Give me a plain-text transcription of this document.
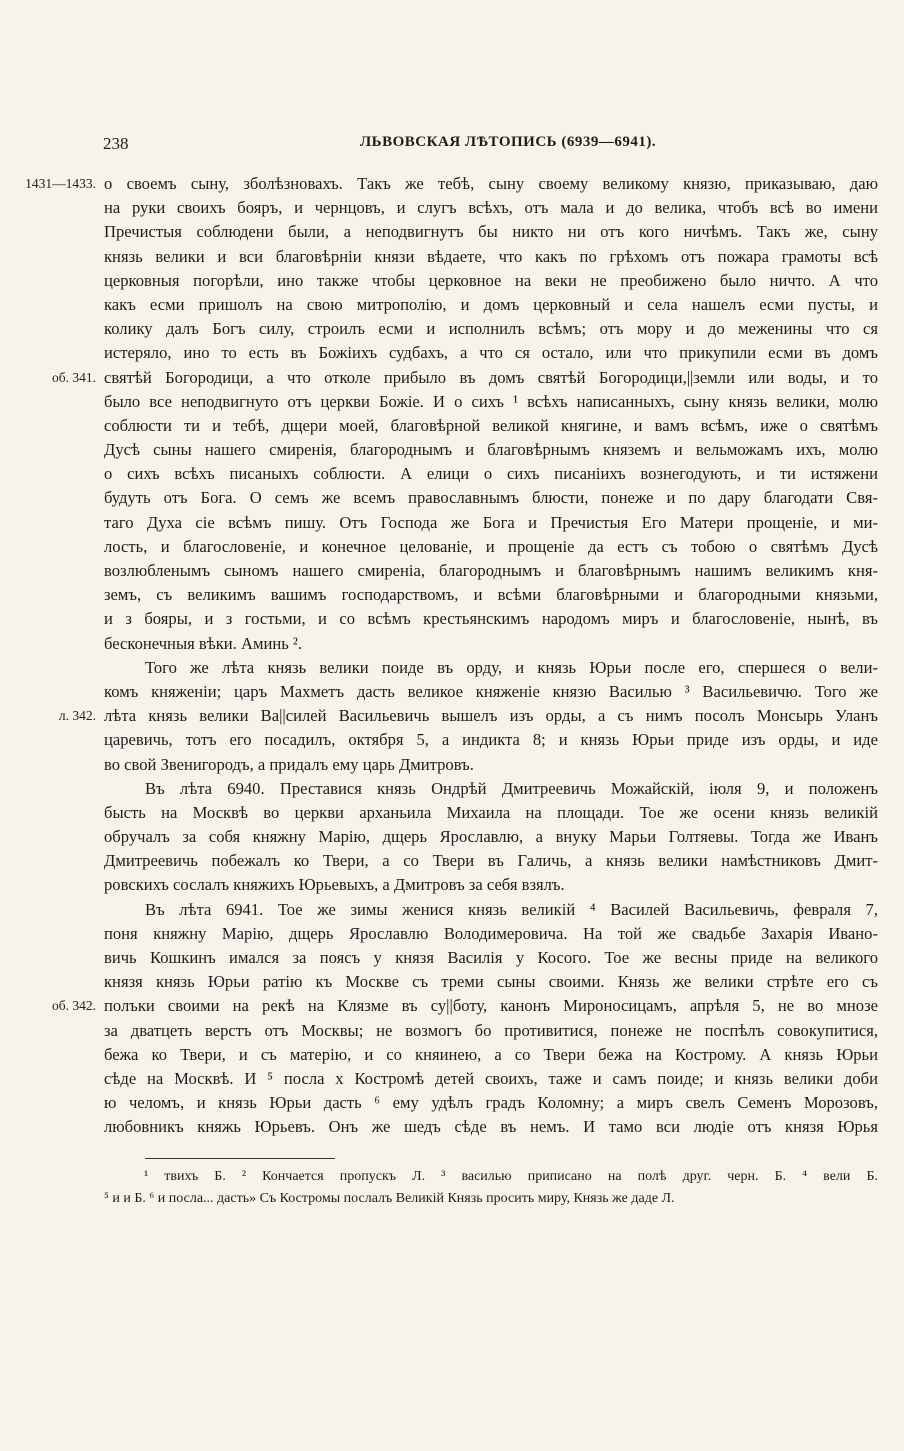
238	ЛЬВОВСКАЯ ЛѢТОПИСЬ (6939—6941).
1431—1433. о своемъ сыну, зболѣзновахъ. Такъ же тебѣ, сыну своему великому князю, приказываю, даю
на руки своихъ бояръ, и чернцовъ, и слугъ всѣхъ, отъ мала и до велика, чтобъ всѣ во имени
Пречистыя соблюдени были, а неподвигнутъ бы никто ни отъ кого ничѣмъ. Такъ же, сыну
князь велики и вси благовѣрніи князи вѣдаете, что какъ по грѣхомъ отъ пожара грамоты всѣ
церковныя погорѣли, ино также чтобы церковное на веки не преобижено было ничто. А что
какъ есми пришолъ на свою митрополію, и домъ церковный и села нашелъ есми пусты, и
колику далъ Богъ силу, строилъ есми и исполнилъ всѣмъ; отъ мору и до меженины что ся
истеряло, ино то есть въ Божіихъ судбахъ, а что ся остало, или что прикупили есми въ домъ
об. 341. святѣй Богородици, а что отколе прибыло въ домъ святѣй Богородици,||земли или воды, и то
было все неподвигнуто отъ церкви Божіе. И о сихъ ¹ всѣхъ написанныхъ, сыну князь велики, молю
соблюсти ти и тебѣ, дщери моей, благовѣрной великой княгине, и вамъ всѣмъ, иже о святѣмъ
Дусѣ сыны нашего смиренія, благороднымъ и благовѣрнымъ княземъ и вельможамъ ихъ, молю
о сихъ всѣхъ писаныхъ соблюсти. А елици о сихъ писаніихъ вознегодують, и ти истяжени
будуть отъ Бога. О семъ же всемъ православнымъ блюсти, понеже и по дару благодати Свя-
таго Духа сіе всѣмъ пишу. Отъ Господа же Бога и Пречистыя Его Матери прощеніе, и ми-
лость, и благословеніе, и конечное целованіе, и прощеніе да естъ съ тобою о святѣмъ Дусѣ
возлюбленымъ сыномъ нашего смиреніа, благороднымъ и благовѣрнымъ нашимъ великимъ кня-
земъ, съ великимъ вашимъ господарствомъ, и всѣми благовѣрными и благородными князьми,
и з бояры, и з гостьми, и со всѣмъ крестьянскимъ народомъ миръ и благословеніе, нынѣ, въ
бесконечныя вѣки. Аминь ².
Того же лѣта князь велики поиде въ орду, и князь Юрьи после его, спершеся о вели-
комъ княженіи; царъ Махметъ дасть великое княженіе князю Василью ³ Васильевичю. Того же
л. 342. лѣта князь велики Ва||силей Васильевичь вышелъ изъ орды, а съ нимъ посолъ Монсырь Уланъ
царевичь, тотъ его посадилъ, октября 5, а индикта 8; и князь Юрьи приде изъ орды, и иде
во свой Звенигородъ, а придалъ ему царь Дмитровъ.
Въ лѣта 6940. Преставися князь Ондрѣй Дмитреевичь Можайскій, іюля 9, и положенъ
бысть на Москвѣ во церкви арханьила Михаила на площади. Тое же осени князь великій
обручалъ за собя княжну Марію, дщерь Ярославлю, а внуку Марьи Голтяевы. Тогда же Иванъ
Дмитреевичь побежалъ ко Твери, а со Твери въ Галичь, а князь велики намѣстниковъ Дмит-
ровскихъ сослалъ княжихъ Юрьевыхъ, а Дмитровъ за себя взялъ.
Въ лѣта 6941. Тое же зимы женися князь великій ⁴ Василей Васильевичь, февраля 7,
поня княжну Марію, дщерь Ярославлю Володимеровича. На той же свадьбе Захарія Ивано-
вичь Кошкинъ имался за поясъ у князя Василія у Косого. Тое же весны приде на великого
князя князь Юрьи ратію къ Москве съ треми сыны своими. Князь же велики стрѣте его съ
об. 342. полъки своими на рекѣ на Клязме въ су||боту, канонъ Мироносицамъ, апрѣля 5, не во мнозе
за дватцеть верстъ отъ Москвы; не возмогъ бо противитися, понеже не поспѣлъ совокупитися,
бежа ко Твери, и съ матерію, и со княинею, а со Твери бежа на Кострому. А князь Юрьи
сѣде на Москвѣ. И ⁵ посла х Костромѣ детей своихъ, таже и самъ поиде; и князь велики доби
ю челомъ, и князь Юрьи дасть ⁶ ему удѣлъ градъ Коломну; а миръ свелъ Семенъ Морозовъ,
любовникъ княжь Юрьевъ. Онъ же шедъ сѣде въ немъ. И тамо вси людіе отъ князя Юрья
¹ твихъ Б. ² Кончается пропускъ Л. ³ василью приписано на полѣ друг. черн. Б. ⁴ вели Б.
⁵ и и Б. ⁶ и посла... дасть» Съ Костромы послалъ Великій Князь просить миру, Князь же даде Л.
